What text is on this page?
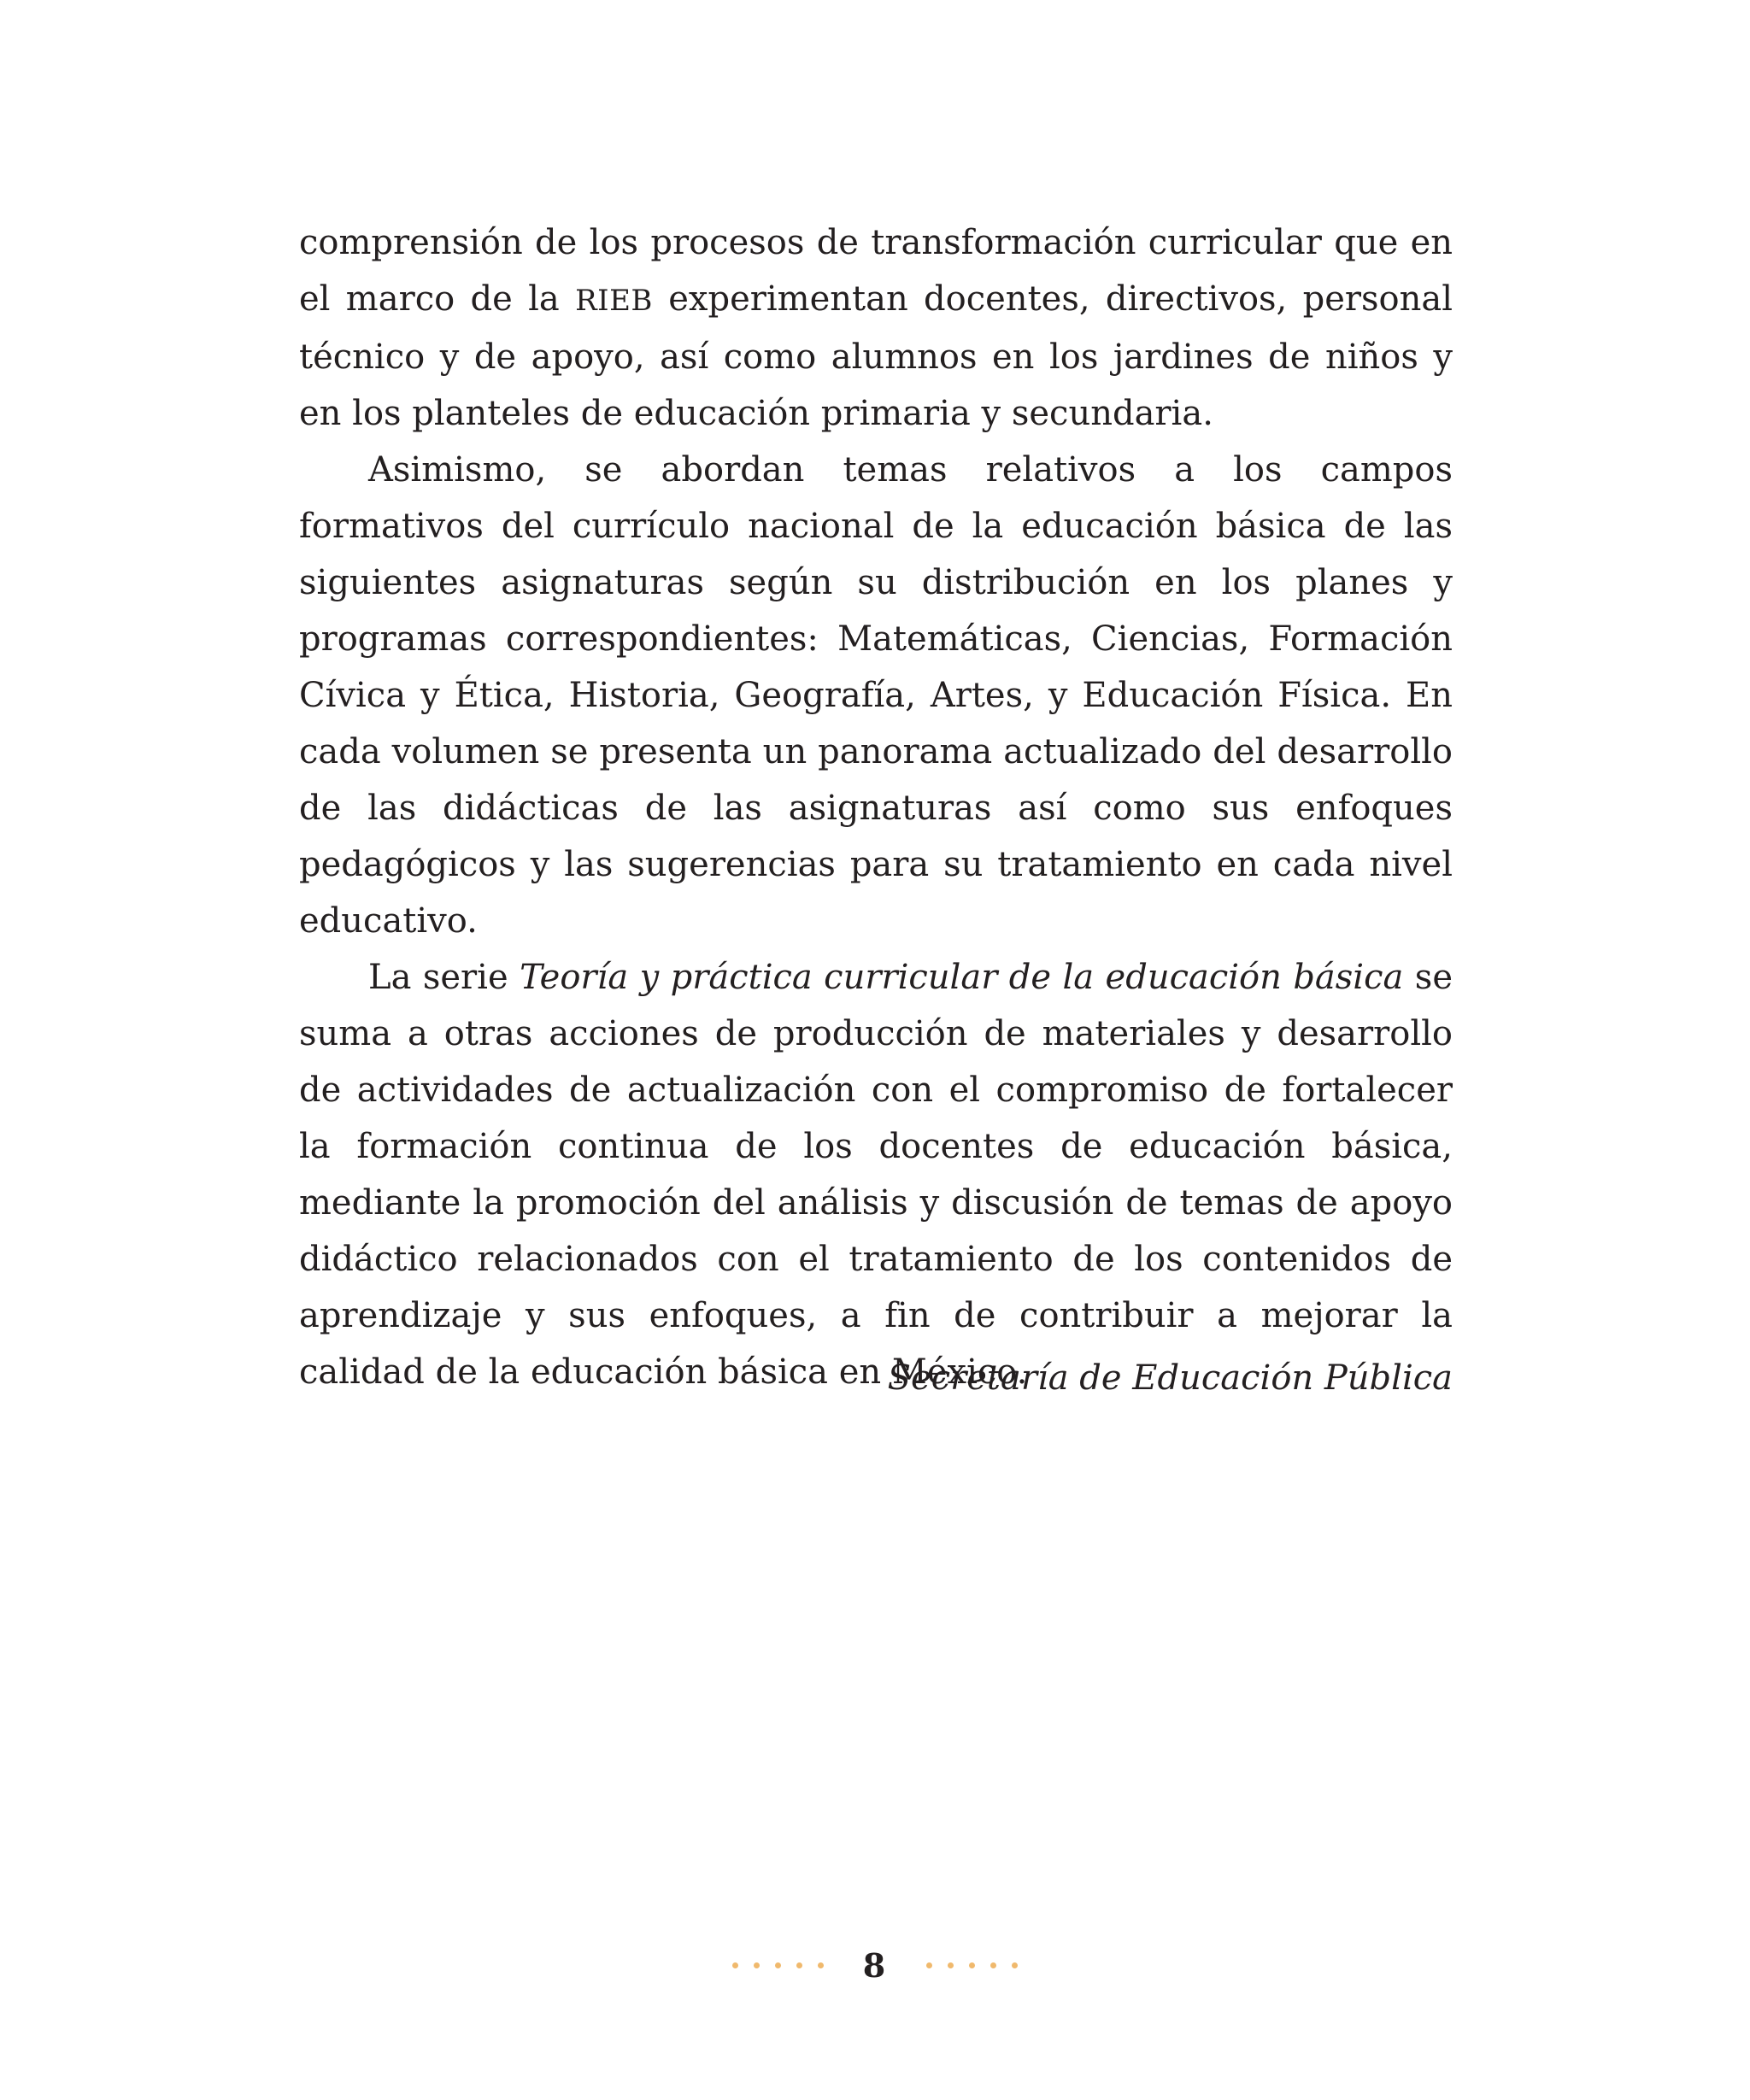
comprensión de los procesos de transformación curricular que en el marco de la RIEB experimentan docentes, directivos, personal técnico y de apoyo, así como alumnos en los jardines de niños y en los planteles de educación primaria y secundaria.

Asimismo, se abordan temas relativos a los campos formativos del currículo nacional de la educación básica de las siguientes asignaturas según su distribución en los planes y programas correspondientes: Matemáticas, Ciencias, Formación Cívica y Ética, Historia, Geografía, Artes, y Educación Física. En cada volumen se presenta un panorama actualizado del desarrollo de las didácticas de las asignaturas así como sus enfoques pedagógicos y las sugerencias para su tratamiento en cada nivel educativo.

La serie Teoría y práctica curricular de la educación básica se suma a otras acciones de producción de materiales y desarrollo de actividades de actualización con el compromiso de fortalecer la formación continua de los docentes de educación básica, mediante la promoción del análisis y discusión de temas de apoyo didáctico relacionados con el tratamiento de los contenidos de aprendizaje y sus enfoques, a fin de contribuir a mejorar la calidad de la educación básica en México.

Secretaría de Educación Pública
8
